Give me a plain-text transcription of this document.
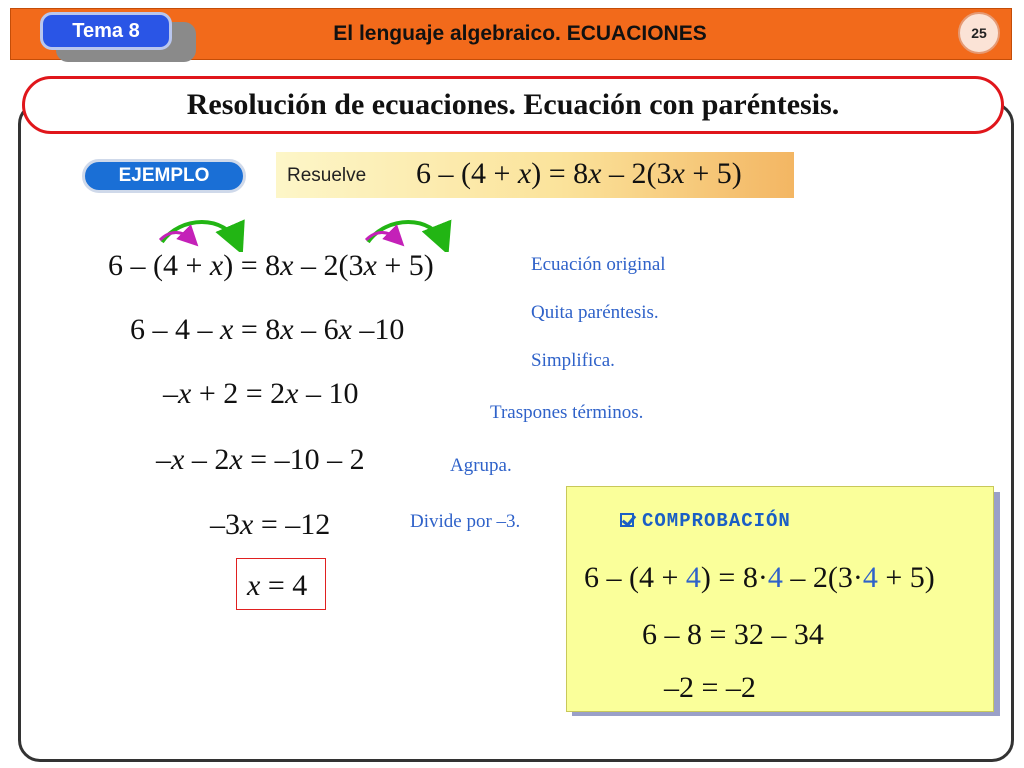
Tema 8	El lenguaje algebraico. ECUACIONES	25
Resolución de ecuaciones. Ecuación con paréntesis.
EJEMPLO	Resuelve 6 – (4 + x) = 8x – 2(3x + 5)
6 – (4 + x) = 8x – 2(3x + 5)	Ecuación original
6 – 4 – x = 8x – 6x –10
Quita paréntesis.
–x + 2 = 2x – 10
Simplifica.
–x – 2x = –10 – 2
Traspones términos.
–3x = –12
Agrupa.
x = 4
Divide por –3.	COMPROBACIÓN
6 – (4 + 4) = 8·4 – 2(3·4 + 5)
6 – 8 = 32 – 34
–2 = –2
